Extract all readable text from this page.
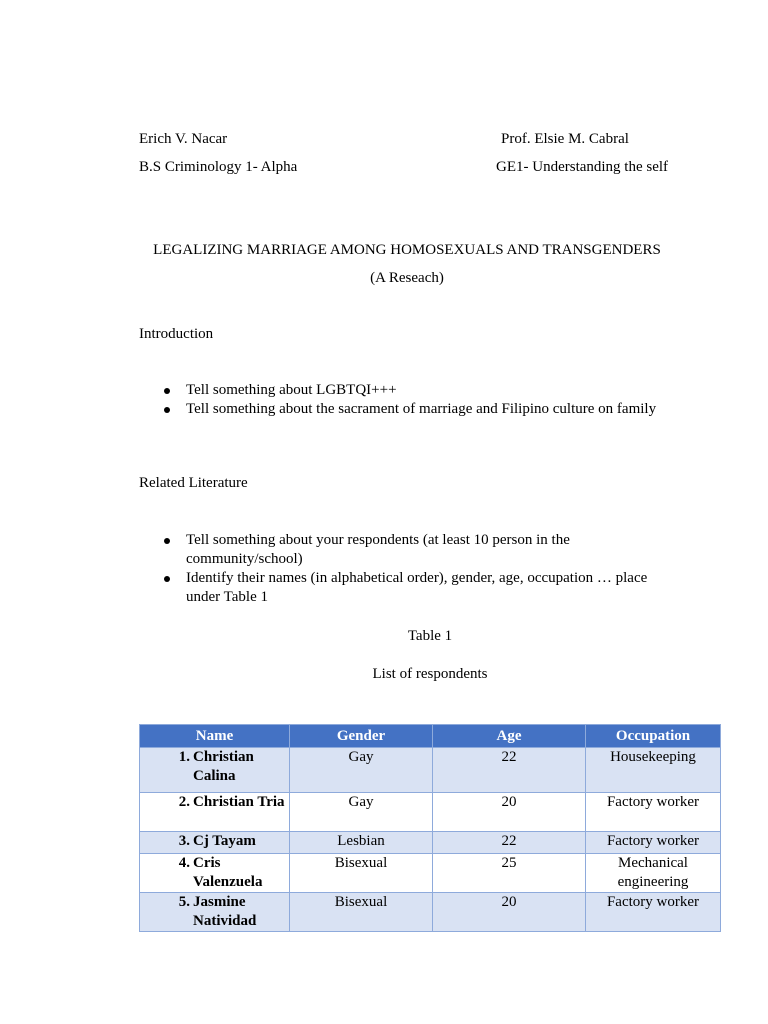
Erich V. Nacar
B.S Criminology 1- Alpha
Prof. Elsie M. Cabral
GE1- Understanding the self
LEGALIZING MARRIAGE AMONG HOMOSEXUALS AND TRANSGENDERS
(A Reseach)
Introduction
Tell something about LGBTQI+++
Tell something about the sacrament of marriage and Filipino culture on family
Related Literature
Tell something about your respondents (at least 10 person in the community/school)
Identify their names (in alphabetical order), gender, age, occupation … place under Table 1
Table 1
List of respondents
Name	Gender	Age	Occupation

1. Christian Calina	Gay	22	Housekeeping

2. Christian Tria	Gay	20	Factory worker

3. Cj Tayam	Lesbian	22	Factory worker

4. Cris Valenzuela	Bisexual	25	Mechanical engineering

5. Jasmine Natividad	Bisexual	20	Factory worker
